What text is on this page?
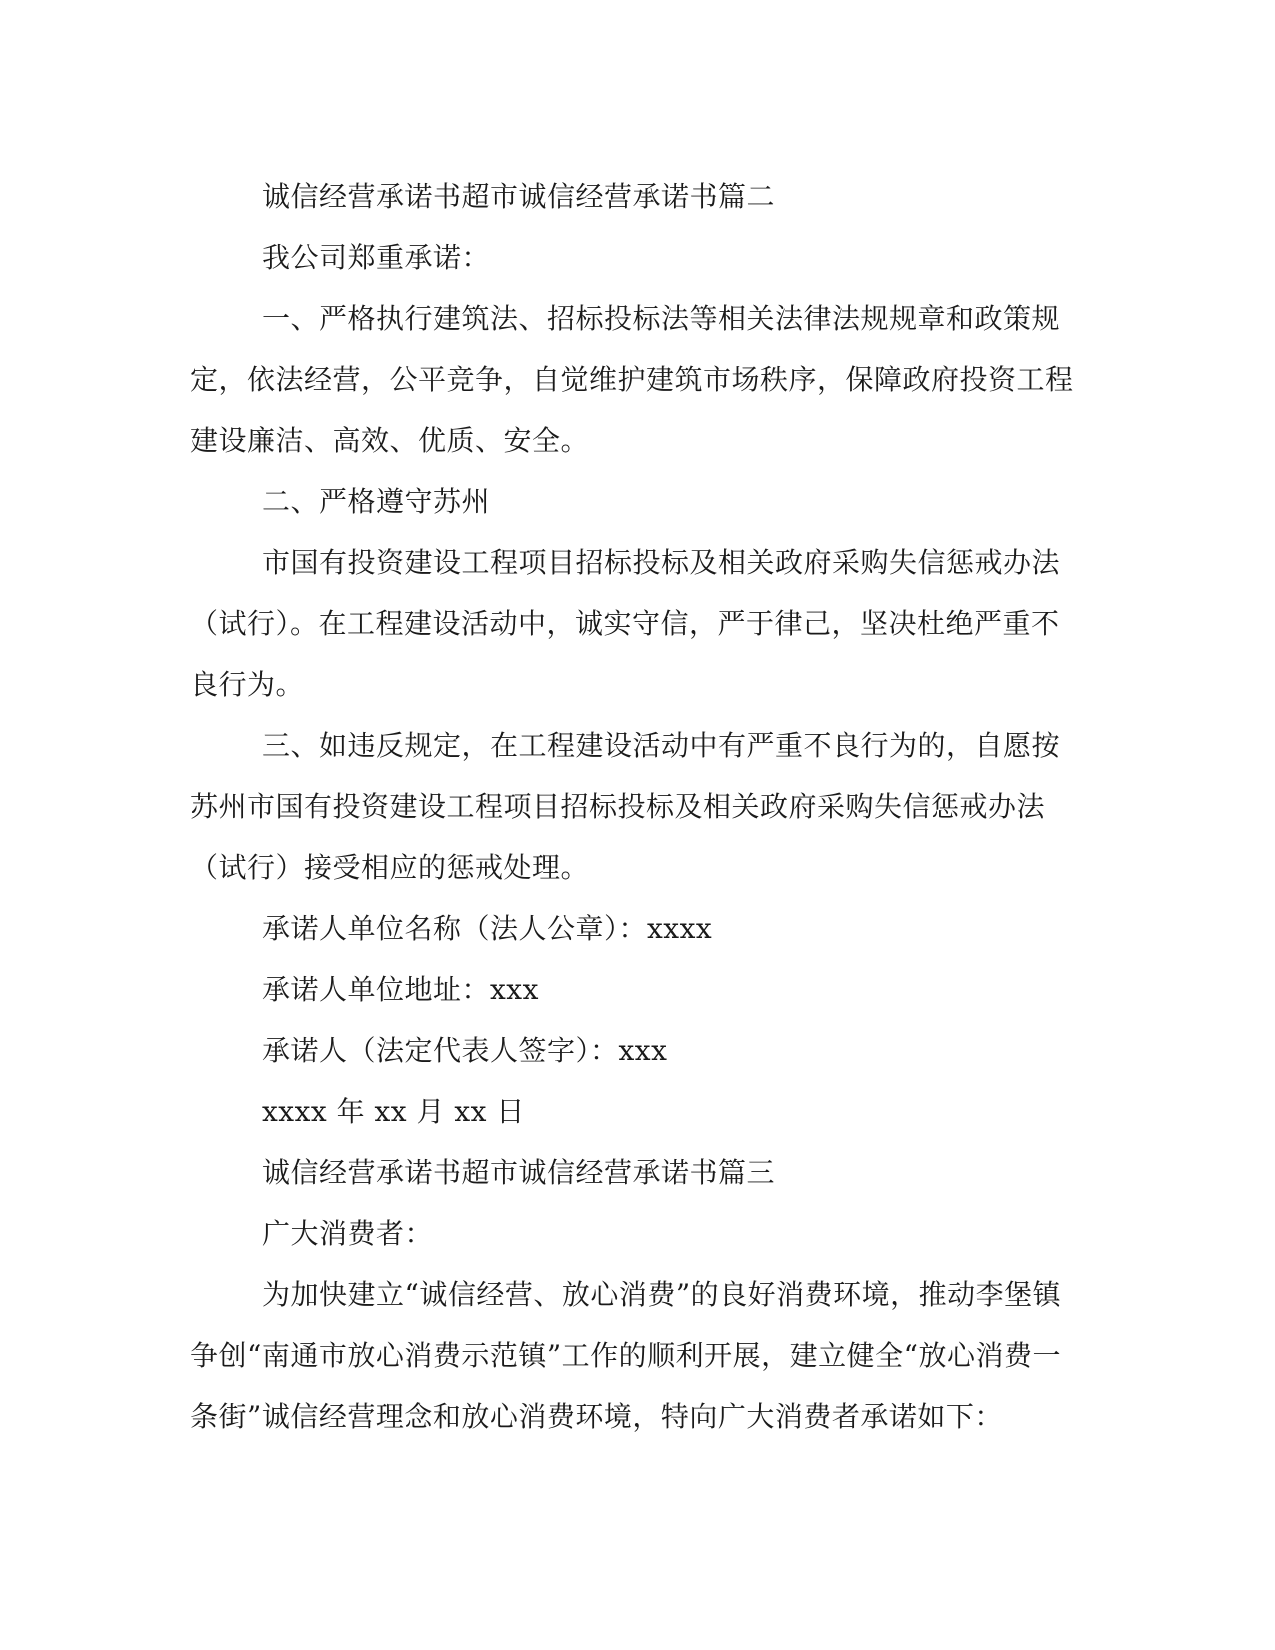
诚信经营承诺书超市诚信经营承诺书篇二

我公司郑重承诺：

一、严格执行建筑法、招标投标法等相关法律法规规章和政策规定，依法经营，公平竞争，自觉维护建筑市场秩序，保障政府投资工程建设廉洁、高效、优质、安全。

二、严格遵守苏州

市国有投资建设工程项目招标投标及相关政府采购失信惩戒办法（试行）。在工程建设活动中，诚实守信，严于律己，坚决杜绝严重不良行为。

三、如违反规定，在工程建设活动中有严重不良行为的，自愿按苏州市国有投资建设工程项目招标投标及相关政府采购失信惩戒办法（试行）接受相应的惩戒处理。

承诺人单位名称（法人公章）：xxxx

承诺人单位地址：xxx

承诺人（法定代表人签字）：xxx

xxxx 年 xx 月 xx 日

诚信经营承诺书超市诚信经营承诺书篇三

广大消费者：

为加快建立“诚信经营、放心消费”的良好消费环境，推动李堡镇争创“南通市放心消费示范镇”工作的顺利开展，建立健全“放心消费一条街”诚信经营理念和放心消费环境，特向广大消费者承诺如下：
